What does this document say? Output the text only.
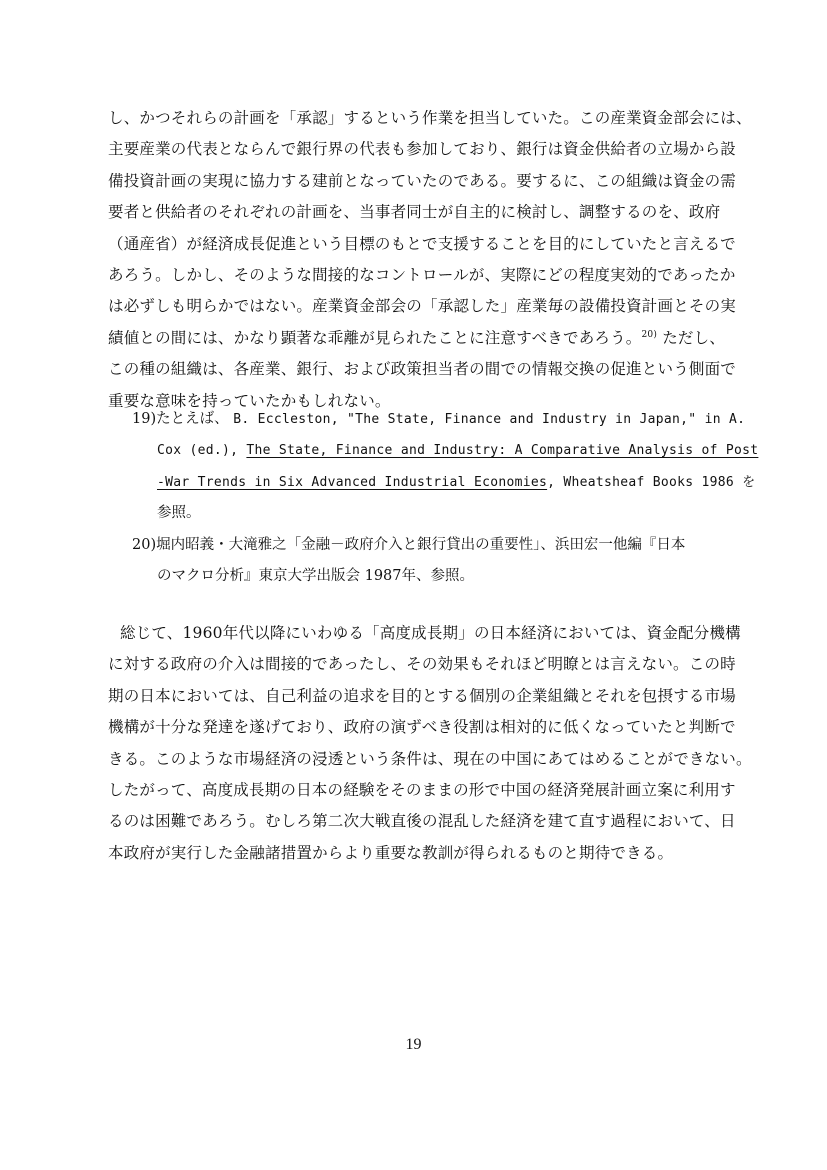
し、かつそれらの計画を「承認」するという作業を担当していた。この産業資金部会には、
主要産業の代表とならんで銀行界の代表も参加しており、銀行は資金供給者の立場から設
備投資計画の実現に協力する建前となっていたのである。要するに、この組織は資金の需
要者と供給者のそれぞれの計画を、当事者同士が自主的に検討し、調整するのを、政府
（通産省）が経済成長促進という目標のもとで支援することを目的にしていたと言えるで
あろう。しかし、そのような間接的なコントロールが、実際にどの程度実効的であったか
は必ずしも明らかではない。産業資金部会の「承認した」産業毎の設備投資計画とその実
績値との間には、かなり顕著な乖離が見られたことに注意すべきであろう。$^{20)}$ ただし、
この種の組織は、各産業、銀行、および政策担当者の間での情報交換の促進という側面で
重要な意味を持っていたかもしれない。
19)たとえば、 B. Eccleston, "The State, Finance and Industry in Japan," in A.
Cox (ed.), The State, Finance and Industry: A Comparative Analysis of Post
-War Trends in Six Advanced Industrial Economies, Wheatsheaf Books 1986 を
参照。
20)堀内昭義・大滝雅之「金融－政府介入と銀行貸出の重要性」、浜田宏一他編『日本
のマクロ分析』東京大学出版会 1987年、参照。
総じて、1960年代以降にいわゆる「高度成長期」の日本経済においては、資金配分機構
に対する政府の介入は間接的であったし、その効果もそれほど明瞭とは言えない。この時
期の日本においては、自己利益の追求を目的とする個別の企業組織とそれを包摂する市場
機構が十分な発達を遂げており、政府の演ずべき役割は相対的に低くなっていたと判断で
きる。このような市場経済の浸透という条件は、現在の中国にあてはめることができない。
したがって、高度成長期の日本の経験をそのままの形で中国の経済発展計画立案に利用す
るのは困難であろう。むしろ第二次大戦直後の混乱した経済を建て直す過程において、日
本政府が実行した金融諸措置からより重要な教訓が得られるものと期待できる。
19
